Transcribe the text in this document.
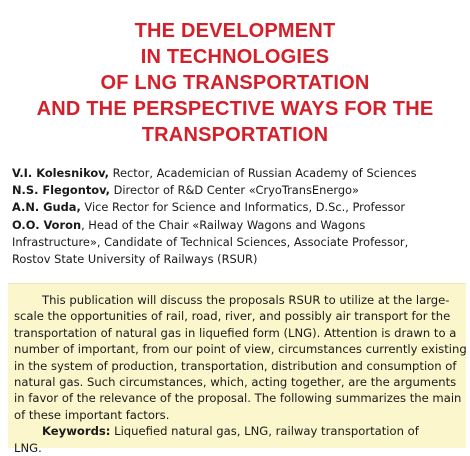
THE DEVELOPMENT
IN TECHNOLOGIES
OF LNG TRANSPORTATION
AND THE PERSPECTIVE WAYS FOR THE
TRANSPORTATION
V.I. Kolesnikov, Rector, Academician of Russian Academy of Sciences
N.S. Flegontov, Director of R&D Center «CryoTransEnergo»
A.N. Guda, Vice Rector for Science and Informatics, D.Sc., Professor
O.O. Voron, Head of the Chair «Railway Wagons and Wagons
Infrastructure», Candidate of Technical Sciences, Associate Professor,
Rostov State University of Railways (RSUR)
This publication will discuss the proposals RSUR to utilize at the large-
scale the opportunities of rail, road, river, and possibly air transport for the
transportation of natural gas in liquefied form (LNG). Attention is drawn to a
number of important, from our point of view, circumstances currently existing
in the system of production, transportation, distribution and consumption of
natural gas. Such circumstances, which, acting together, are the arguments
in favor of the relevance of the proposal. The following summarizes the main
of these important factors.
Keywords: Liquefied natural gas, LNG, railway transportation of
LNG.
